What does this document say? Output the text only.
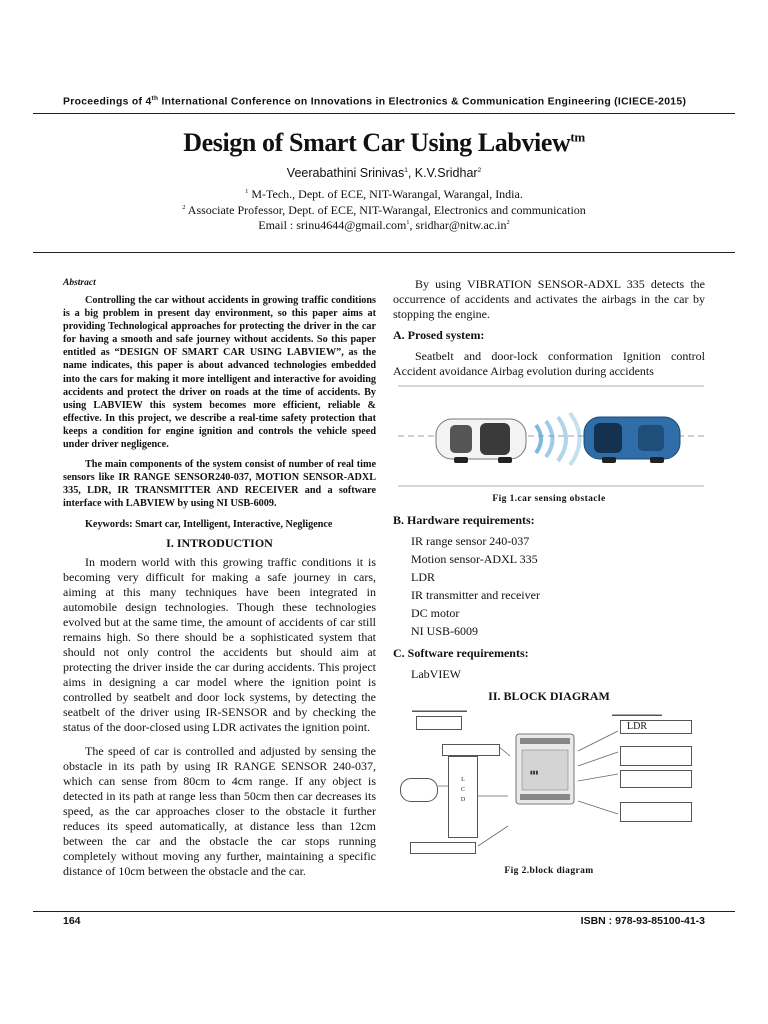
Proceedings of 4th International Conference on Innovations in Electronics & Communication Engineering (ICIECE-2015)
Design of Smart Car Using Labview$^{tm}$
Veerabathini Srinivas$^1$, K.V.Sridhar$^2$
$^1$ M-Tech., Dept. of ECE, NIT-Warangal, Warangal, India.
$^2$ Associate Professor, Dept. of ECE, NIT-Warangal, Electronics and communication
Email : srinu4644@gmail.com$^1$, $sridhar@nitw.ac.in^2$
Abstract

Controlling the car without accidents in growing traffic conditions is a big problem in present day environment, so this paper aims at providing Technological approaches for protecting the driver in the car for having a smooth and safe journey without accidents. So this paper entitled as “DESIGN OF SMART CAR USING LABVIEW”, as the name indicates, this paper is about advanced technologies embedded into the cars for making it more intelligent and interactive for avoiding accidents and protect the driver on roads at the time of accidents. By using LABVIEW this system becomes more efficient, reliable & effective. In this project, we describe a real-time safety protection that keeps a condition for engine ignition and controls the vehicle speed under driver negligence.

The main components of the system consist of number of real time sensors like IR RANGE SENSOR240-037, MOTION SENSOR-ADXL 335, LDR, IR TRANSMITTER AND RECEIVER and a software interface with LABVIEW by using NI USB-6009.

Keywords: Smart car, Intelligent, Interactive, Negligence
I. INTRODUCTION

In modern world with this growing traffic conditions it is becoming very difficult for making a safe journey in cars, aiming at this many techniques have been integrated in automobile design technologies. Though these technologies evolved but at the same time, the amount of accidents of car still remains high. So there should be a sophisticated system that should not only control the accidents but should aim at protecting the driver inside the car during accidents. This project aims in designing a car model where the ignition point is controlled by seatbelt and door lock systems, by detecting the seatbelt of the driver using IR-SENSOR and by checking the status of the door-closed using LDR activates the ignition point.

The speed of car is controlled and adjusted by sensing the obstacle in its path by using IR RANGE SENSOR 240-037, which can sense from 80cm to 4cm range. If any object is detected in its path at range less than 50cm then car decreases its speed, as the car approaches closer to the obstacle it further reduces its speed automatically, at distance less than 12cm between the car and the obstacle the car stops running completely without moving any further, maintaining a specific distance of 10cm between the obstacle and the car.

By using VIBRATION SENSOR-ADXL 335 detects the occurrence of accidents and activates the airbags in the car by stopping the engine.

A. Prosed system:

Seatbelt and door-lock conformation Ignition control Accident avoidance Airbag evolution during accidents

Fig 1.car sensing obstacle
B. Hardware requirements:
IR range sensor 240-037
Motion sensor-ADXL 335
LDR
IR transmitter and receiver
DC motor
NI USB-6009
C. Software requirements:
LabVIEW
II. BLOCK DIAGRAM
▬▬▬▬▬▬▬▬▬▬▬
L
C
D
▮▮▮
▬▬▬▬▬▬▬▬▬▬
LDR
Fig 2.block diagram
164	ISBN : 978-93-85100-41-3
